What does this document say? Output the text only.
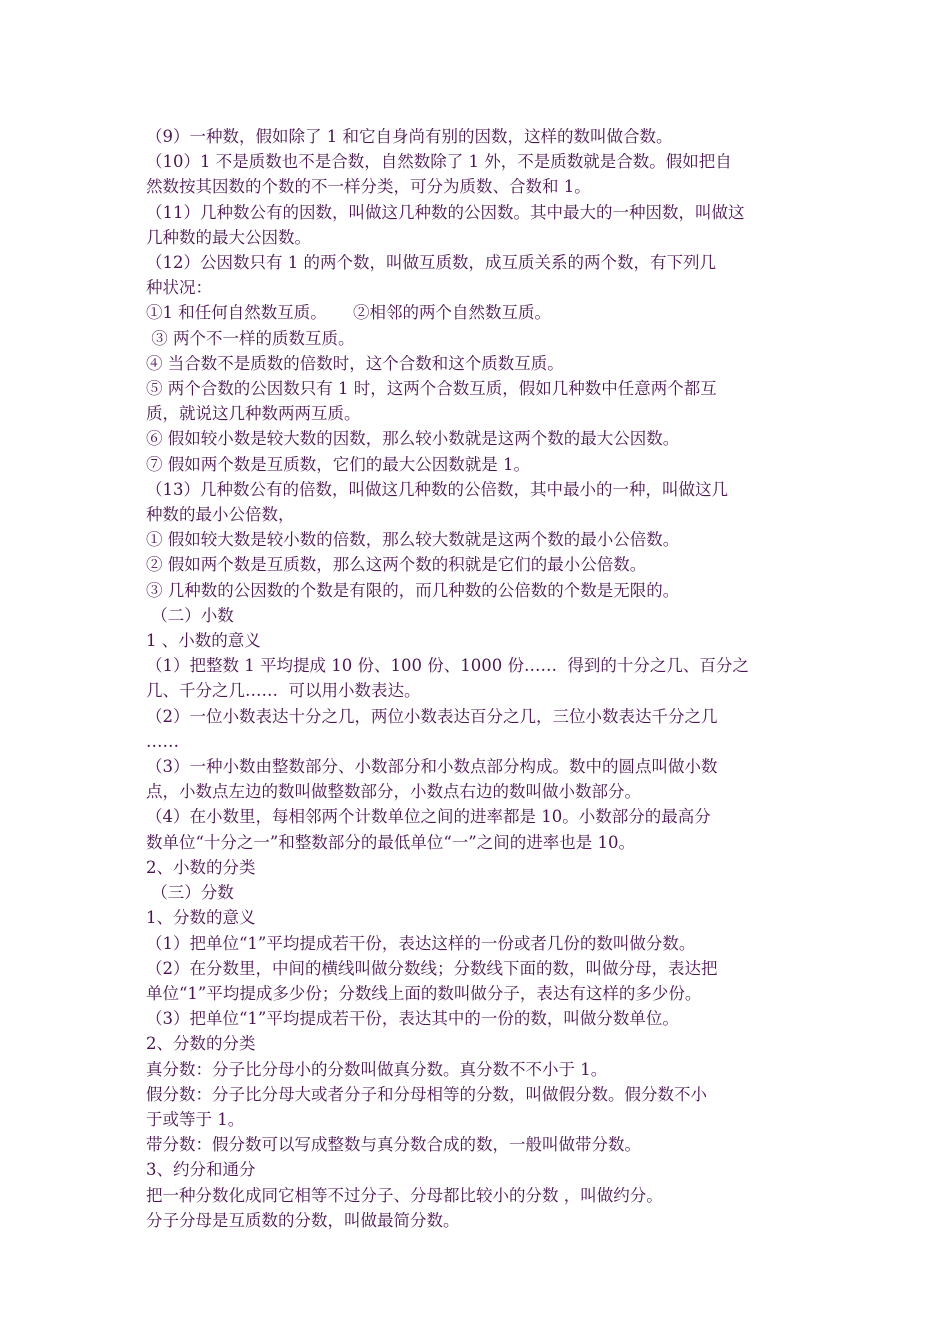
（9）一种数，假如除了 1 和它自身尚有别的因数，这样的数叫做合数。
（10）1 不是质数也不是合数，自然数除了 1 外，不是质数就是合数。假如把自
然数按其因数的个数的不一样分类，可分为质数、合数和 1。
（11）几种数公有的因数，叫做这几种数的公因数。其中最大的一种因数，叫做这
几种数的最大公因数。
（12）公因数只有 1 的两个数，叫做互质数，成互质关系的两个数，有下列几
种状况：
①1 和任何自然数互质。     ②相邻的两个自然数互质。
③ 两个不一样的质数互质。
④ 当合数不是质数的倍数时，这个合数和这个质数互质。
⑤ 两个合数的公因数只有 1 时，这两个合数互质，假如几种数中任意两个都互
质，就说这几种数两两互质。
⑥ 假如较小数是较大数的因数，那么较小数就是这两个数的最大公因数。
⑦ 假如两个数是互质数，它们的最大公因数就是 1。
（13）几种数公有的倍数，叫做这几种数的公倍数，其中最小的一种，叫做这几
种数的最小公倍数，
① 假如较大数是较小数的倍数，那么较大数就是这两个数的最小公倍数。
② 假如两个数是互质数，那么这两个数的积就是它们的最小公倍数。
③ 几种数的公因数的个数是有限的，而几种数的公倍数的个数是无限的。
（二）小数
1 、小数的意义
（1）把整数 1 平均提成 10 份、100 份、1000 份……  得到的十分之几、百分之
几、千分之几……  可以用小数表达。
（2）一位小数表达十分之几，两位小数表达百分之几，三位小数表达千分之几
……
（3）一种小数由整数部分、小数部分和小数点部分构成。数中的圆点叫做小数
点，小数点左边的数叫做整数部分，小数点右边的数叫做小数部分。
（4）在小数里，每相邻两个计数单位之间的进率都是 10。小数部分的最高分
数单位“十分之一”和整数部分的最低单位“一”之间的进率也是 10。
2、小数的分类
（三）分数
1、分数的意义
（1）把单位“1”平均提成若干份，表达这样的一份或者几份的数叫做分数。
（2）在分数里，中间的横线叫做分数线；分数线下面的数，叫做分母，表达把
单位“1”平均提成多少份；分数线上面的数叫做分子，表达有这样的多少份。
（3）把单位“1”平均提成若干份，表达其中的一份的数，叫做分数单位。
2、分数的分类
真分数：分子比分母小的分数叫做真分数。真分数不不小于 1。
假分数：分子比分母大或者分子和分母相等的分数，叫做假分数。假分数不小
于或等于 1。
带分数：假分数可以写成整数与真分数合成的数，一般叫做带分数。
3、约分和通分
把一种分数化成同它相等不过分子、分母都比较小的分数 ，叫做约分。
分子分母是互质数的分数，叫做最简分数。
